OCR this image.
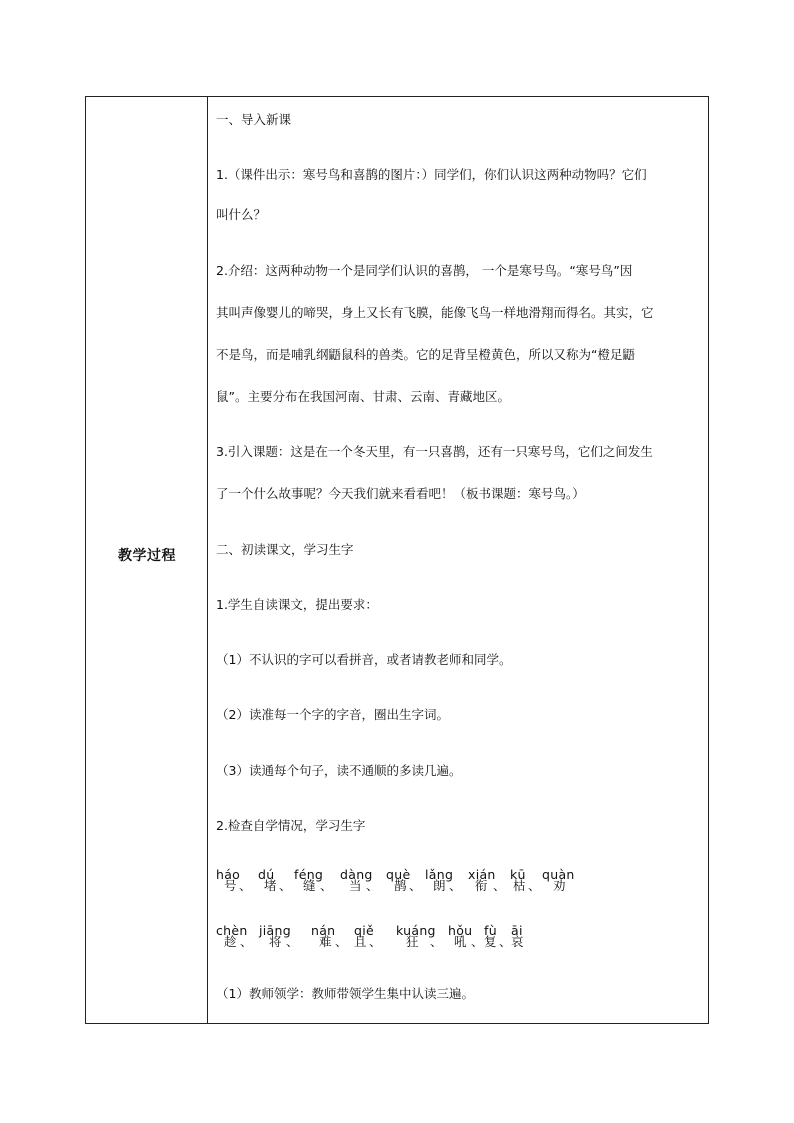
教学过程
一、导入新课
1.（课件出示：寒号鸟和喜鹊的图片：）同学们，你们认识这两种动物吗？它们
叫什么？
2.介绍：这两种动物一个是同学们认识的喜鹊， 一个是寒号鸟。“寒号鸟”因
其叫声像婴儿的啼哭，身上又长有飞膜，能像飞鸟一样地滑翔而得名。其实，它
不是鸟，而是哺乳纲鼯鼠科的兽类。它的足背呈橙黄色，所以又称为“橙足鼯
鼠”。主要分布在我国河南、甘肃、云南、青藏地区。
3.引入课题：这是在一个冬天里，有一只喜鹊，还有一只寒号鸟，它们之间发生
了一个什么故事呢？今天我们就来看看吧！（板书课题：寒号鸟。）
二、初读课文，学习生字
1.学生自读课文，提出要求：
（1）不认识的字可以看拼音，或者请教老师和同学。
（2）读准每一个字的字音，圈出生字词。
（3）读通每个句子，读不通顺的多读几遍。
2.检查自学情况，学习生字
háo dú féng dàng què lǎng xián kū quàn
号 、 堵 、 缝 、 当 、 鹊 、 朗 、 衔 、 枯 、 劝
chèn jiāng nán qiě kuáng hǒu fù āi
趁 、 将 、 难 、 且 、 狂 、 吼 、 复 、 哀
（1）教师领学：教师带领学生集中认读三遍。
